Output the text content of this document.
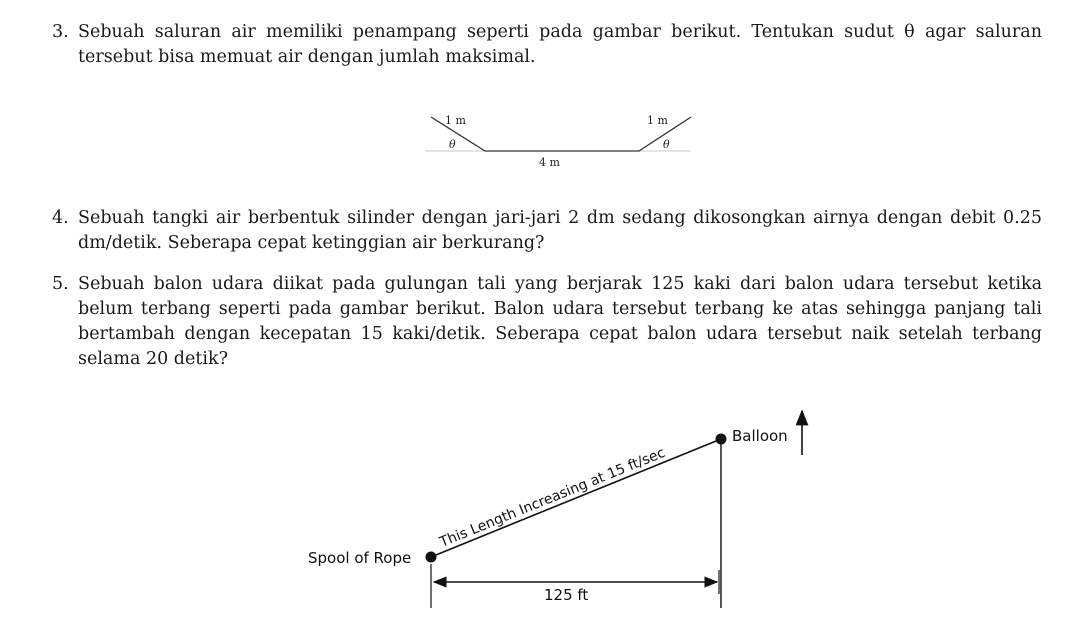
3. Sebuah saluran air memiliki penampang seperti pada gambar berikut. Tentukan sudut θ agar saluran tersebut bisa memuat air dengan jumlah maksimal.
1 m	1 m
θ	θ
4 m
4. Sebuah tangki air berbentuk silinder dengan jari-jari 2 dm sedang dikosongkan airnya dengan debit 0.25 dm/detik. Seberapa cepat ketinggian air berkurang?
5. Sebuah balon udara diikat pada gulungan tali yang berjarak 125 kaki dari balon udara tersebut ketika belum terbang seperti pada gambar berikut. Balon udara tersebut terbang ke atas sehingga panjang tali bertambah dengan kecepatan 15 kaki/detik. Seberapa cepat balon udara tersebut naik setelah terbang selama 20 detik?
Balloon
Spool of Rope
This Length Increasing at 15 ft/sec
125 ft
